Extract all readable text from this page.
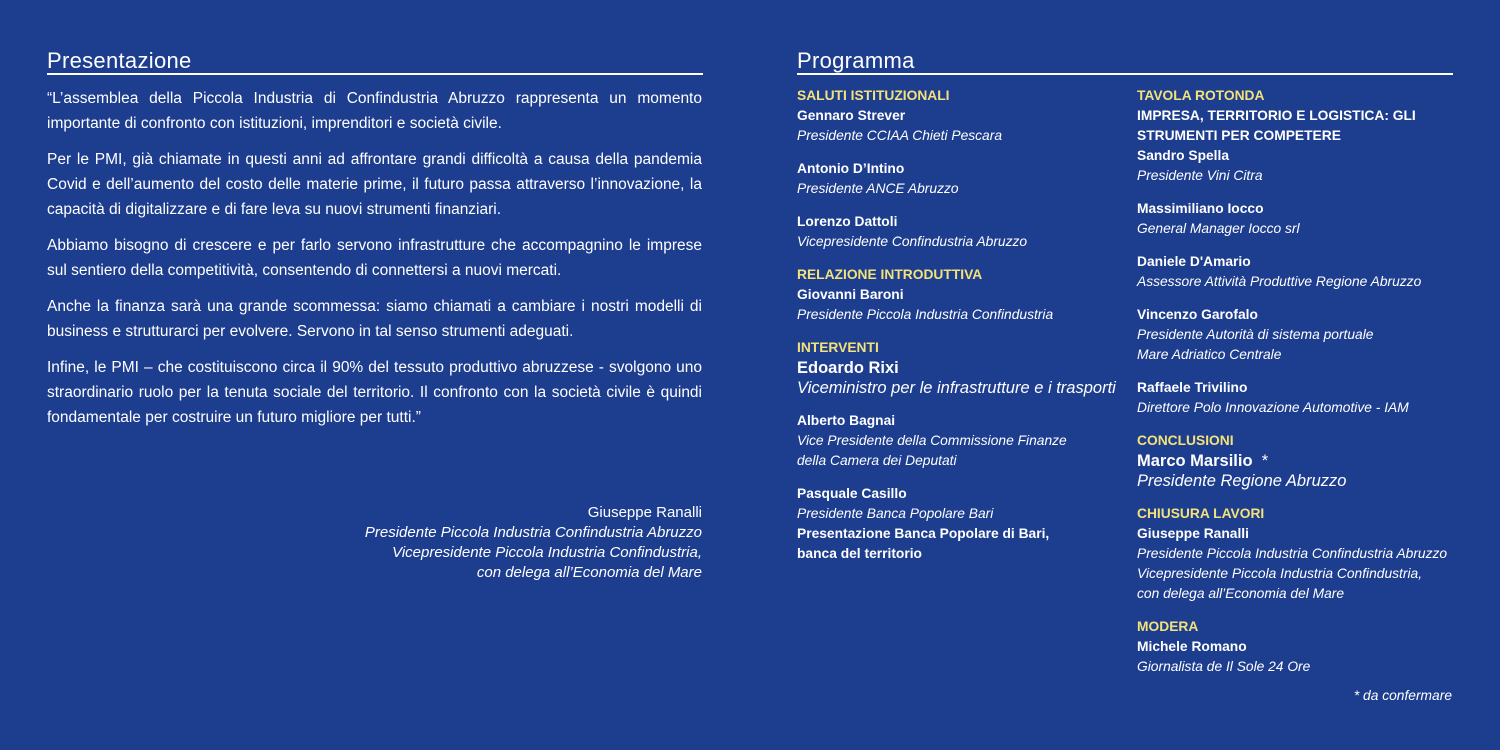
Presentazione

“L’assemblea della Piccola Industria di Confindustria Abruzzo rappresenta un momento importante di confronto con istituzioni, imprenditori e società civile.

Per le PMI, già chiamate in questi anni ad affrontare grandi difficoltà a causa della pandemia Covid e dell’aumento del costo delle materie prime, il futuro passa attraverso l’innovazione, la capacità di digitalizzare e di fare leva su nuovi strumenti finanziari.

Abbiamo bisogno di crescere e per farlo servono infrastrutture che accompagnino le imprese sul sentiero della competitività, consentendo di connettersi a nuovi mercati.

Anche la finanza sarà una grande scommessa: siamo chiamati a cambiare i nostri modelli di business e strutturarci per evolvere. Servono in tal senso strumenti adeguati.

Infine, le PMI – che costituiscono circa il 90% del tessuto produttivo abruzzese - svolgono uno straordinario ruolo per la tenuta sociale del territorio. Il confronto con la società civile è quindi fondamentale per costruire un futuro migliore per tutti.”

Giuseppe Ranalli
Presidente Piccola Industria Confindustria Abruzzo
Vicepresidente Piccola Industria Confindustria,
con delega all’Economia del Mare
Programma
SALUTI ISTITUZIONALI
Gennaro Strever
Presidente CCIAA Chieti Pescara
Antonio D’Intino
Presidente ANCE Abruzzo
Lorenzo Dattoli
Vicepresidente Confindustria Abruzzo
RELAZIONE INTRODUTTIVA
Giovanni Baroni
Presidente Piccola Industria Confindustria
INTERVENTI
Edoardo Rixi
Viceministro per le infrastrutture e i trasporti
Alberto Bagnai
Vice Presidente della Commissione Finanze
della Camera dei Deputati
Pasquale Casillo
Presidente Banca Popolare Bari
Presentazione Banca Popolare di Bari,
banca del territorio
TAVOLA ROTONDA
IMPRESA, TERRITORIO E LOGISTICA: GLI
STRUMENTI PER COMPETERE
Sandro Spella
Presidente Vini Citra
Massimiliano Iocco
General Manager Iocco srl
Daniele D'Amario
Assessore Attività Produttive Regione Abruzzo
Vincenzo Garofalo
Presidente Autorità di sistema portuale
Mare Adriatico Centrale
Raffaele Trivilino
Direttore Polo Innovazione Automotive - IAM
CONCLUSIONI
Marco Marsilio *
Presidente Regione Abruzzo
CHIUSURA LAVORI
Giuseppe Ranalli
Presidente Piccola Industria Confindustria Abruzzo
Vicepresidente Piccola Industria Confindustria,
con delega all’Economia del Mare
MODERA
Michele Romano
Giornalista de Il Sole 24 Ore
* da confermare
